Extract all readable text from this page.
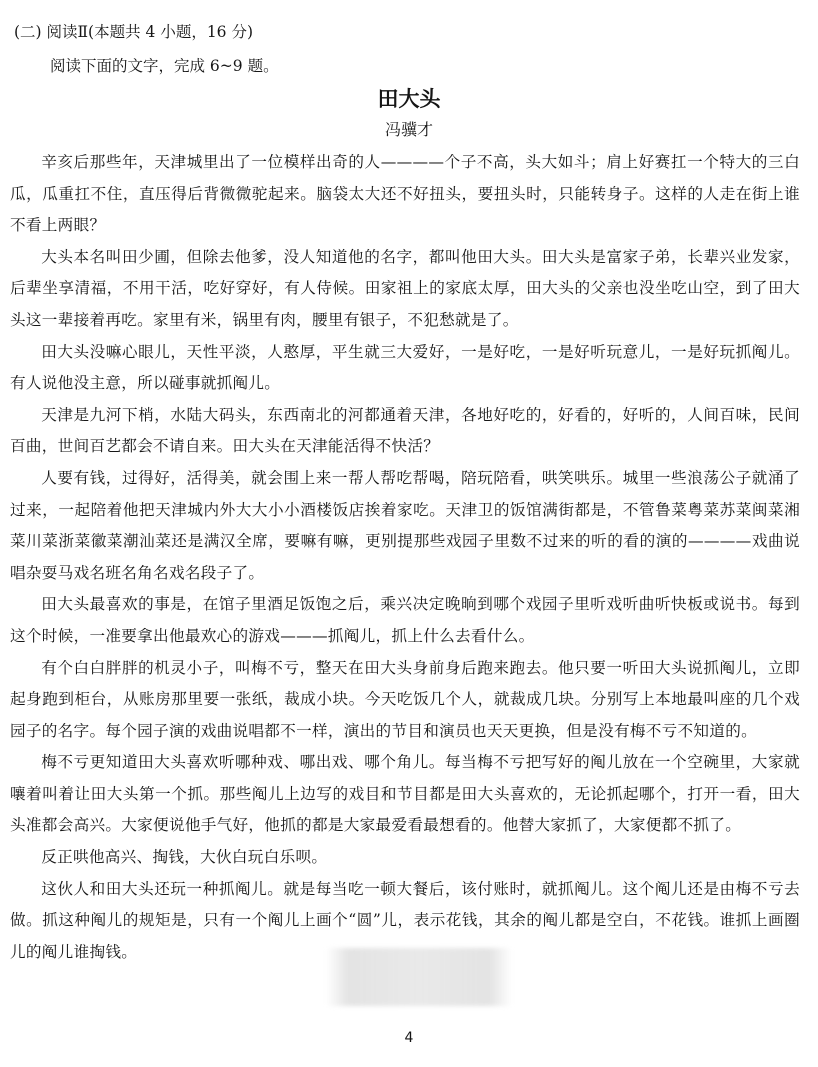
(二) 阅读Ⅱ(本题共 4 小题，16 分)
阅读下面的文字，完成 6~9 题。
田大头
冯骥才

辛亥后那些年，天津城里出了一位模样出奇的人————个子不高，头大如斗；肩上好赛扛一个特大的三白瓜，瓜重扛不住，直压得后背微微驼起来。脑袋太大还不好扭头，要扭头时，只能转身子。这样的人走在街上谁不看上两眼？

大头本名叫田少圃，但除去他爹，没人知道他的名字，都叫他田大头。田大头是富家子弟，长辈兴业发家，后辈坐享清福，不用干活，吃好穿好，有人侍候。田家祖上的家底太厚，田大头的父亲也没坐吃山空，到了田大头这一辈接着再吃。家里有米，锅里有肉，腰里有银子，不犯愁就是了。

田大头没嘛心眼儿，天性平淡，人憨厚，平生就三大爱好，一是好吃，一是好听玩意儿，一是好玩抓阄儿。有人说他没主意，所以碰事就抓阄儿。

天津是九河下梢，水陆大码头，东西南北的河都通着天津，各地好吃的，好看的，好听的，人间百味，民间百曲，世间百艺都会不请自来。田大头在天津能活得不快活？

人要有钱，过得好，活得美，就会围上来一帮人帮吃帮喝，陪玩陪看，哄笑哄乐。城里一些浪荡公子就涌了过来，一起陪着他把天津城内外大大小小酒楼饭店挨着家吃。天津卫的饭馆满街都是，不管鲁菜粤菜苏菜闽菜湘菜川菜浙菜徽菜潮汕菜还是满汉全席，要嘛有嘛，更别提那些戏园子里数不过来的听的看的演的————戏曲说唱杂耍马戏名班名角名戏名段子了。

田大头最喜欢的事是，在馆子里酒足饭饱之后，乘兴决定晚晌到哪个戏园子里听戏听曲听快板或说书。每到这个时候，一准要拿出他最欢心的游戏———抓阄儿，抓上什么去看什么。

有个白白胖胖的机灵小子，叫梅不亏，整天在田大头身前身后跑来跑去。他只要一听田大头说抓阄儿，立即起身跑到柜台，从账房那里要一张纸，裁成小块。今天吃饭几个人，就裁成几块。分别写上本地最叫座的几个戏园子的名字。每个园子演的戏曲说唱都不一样，演出的节目和演员也天天更换，但是没有梅不亏不知道的。

梅不亏更知道田大头喜欢听哪种戏、哪出戏、哪个角儿。每当梅不亏把写好的阄儿放在一个空碗里，大家就嚷着叫着让田大头第一个抓。那些阄儿上边写的戏目和节目都是田大头喜欢的，无论抓起哪个，打开一看，田大头准都会高兴。大家便说他手气好，他抓的都是大家最爱看最想看的。他替大家抓了，大家便都不抓了。

反正哄他高兴、掏钱，大伙白玩白乐呗。

这伙人和田大头还玩一种抓阄儿。就是每当吃一顿大餐后，该付账时，就抓阄儿。这个阄儿还是由梅不亏去做。抓这种阄儿的规矩是，只有一个阄儿上画个“圆”儿，表示花钱，其余的阄儿都是空白，不花钱。谁抓上画圈儿的阄儿谁掏钱。

4
